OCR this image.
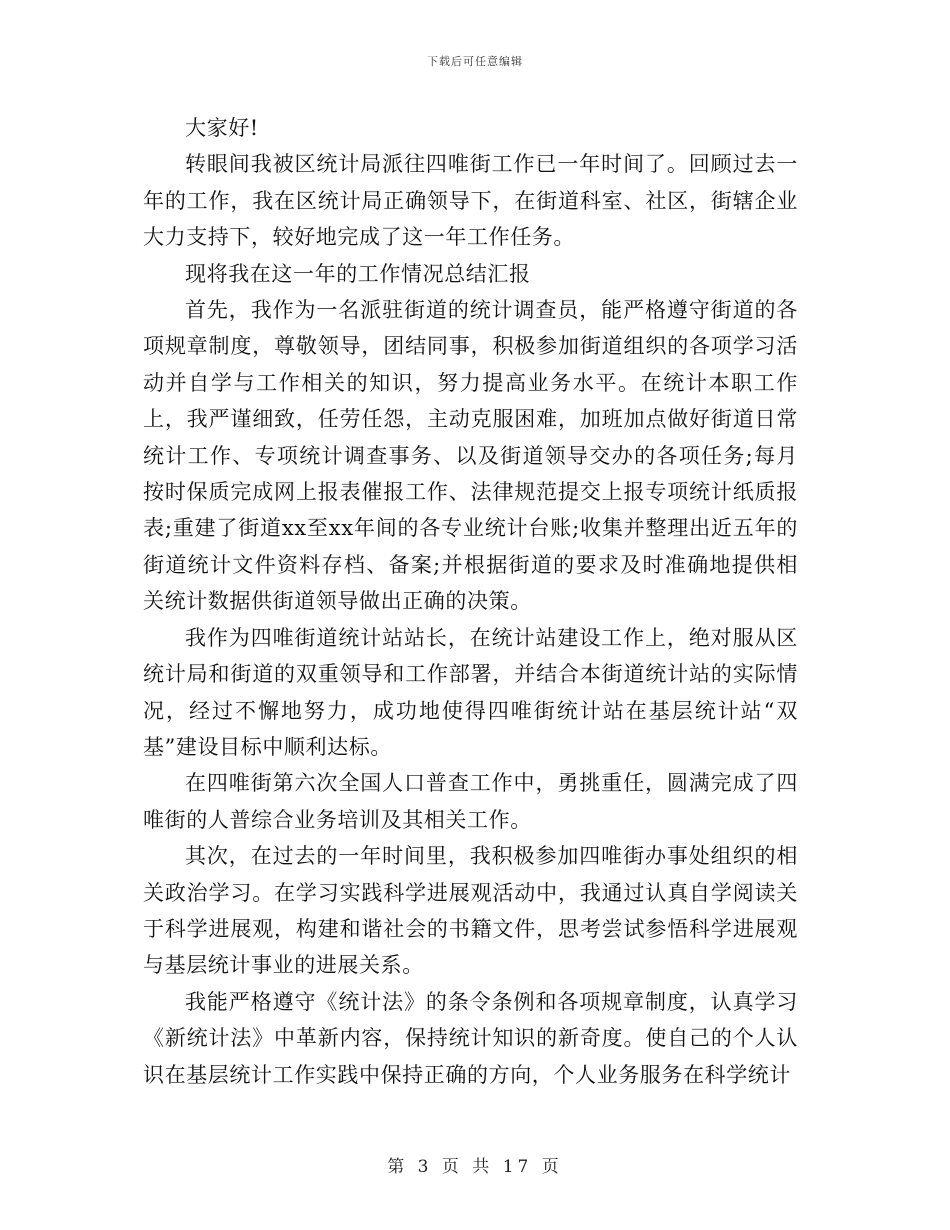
下载后可任意编辑

大家好!

转眼间我被区统计局派往四唯街工作已一年时间了。回顾过去一年的工作，我在区统计局正确领导下，在街道科室、社区，街辖企业大力支持下，较好地完成了这一年工作任务。

现将我在这一年的工作情况总结汇报

首先，我作为一名派驻街道的统计调查员，能严格遵守街道的各项规章制度，尊敬领导，团结同事，积极参加街道组织的各项学习活动并自学与工作相关的知识，努力提高业务水平。在统计本职工作上，我严谨细致，任劳任怨，主动克服困难，加班加点做好街道日常统计工作、专项统计调查事务、以及街道领导交办的各项任务;每月按时保质完成网上报表催报工作、法律规范提交上报专项统计纸质报表;重建了街道xx至xx年间的各专业统计台账;收集并整理出近五年的街道统计文件资料存档、备案;并根据街道的要求及时准确地提供相关统计数据供街道领导做出正确的决策。

我作为四唯街道统计站站长，在统计站建设工作上，绝对服从区统计局和街道的双重领导和工作部署，并结合本街道统计站的实际情况，经过不懈地努力，成功地使得四唯街统计站在基层统计站“双基”建设目标中顺利达标。

在四唯街第六次全国人口普查工作中，勇挑重任，圆满完成了四唯街的人普综合业务培训及其相关工作。

其次，在过去的一年时间里，我积极参加四唯街办事处组织的相关政治学习。在学习实践科学进展观活动中，我通过认真自学阅读关于科学进展观，构建和谐社会的书籍文件，思考尝试参悟科学进展观与基层统计事业的进展关系。

我能严格遵守《统计法》的条令条例和各项规章制度，认真学习《新统计法》中革新内容，保持统计知识的新奇度。使自己的个人认识在基层统计工作实践中保持正确的方向，个人业务服务在科学统计

第 3 页 共 17 页
